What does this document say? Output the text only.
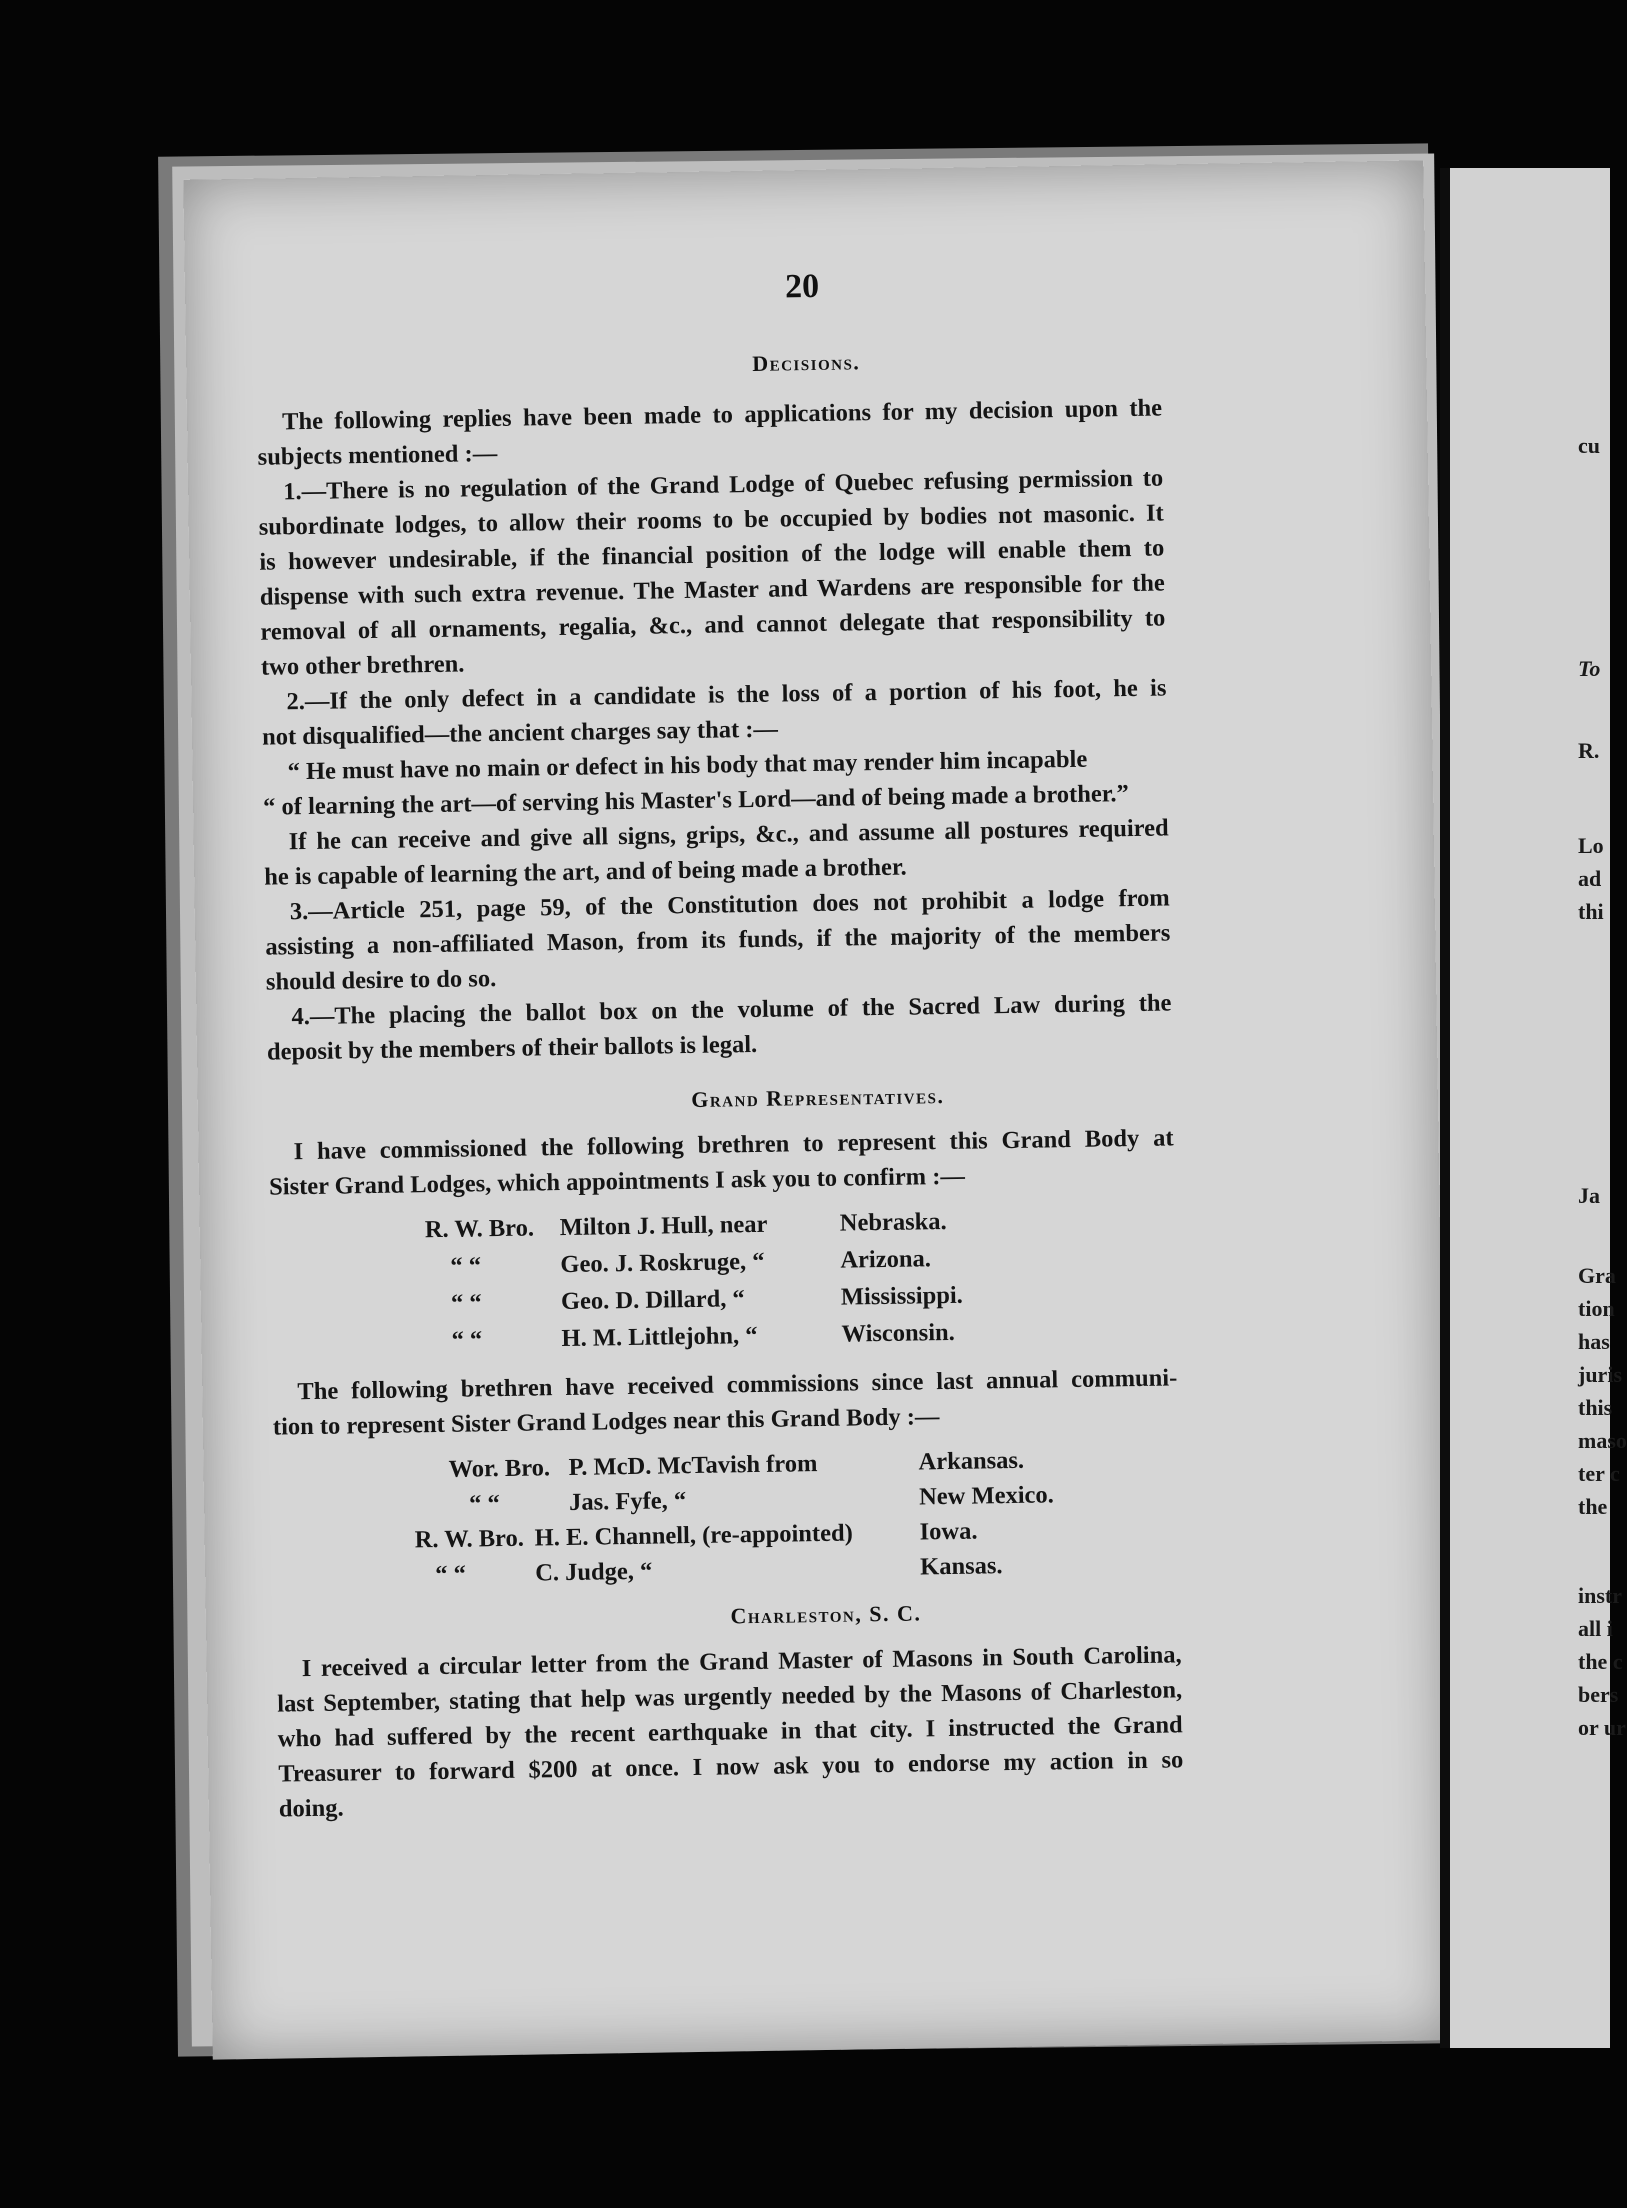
20
Decisions.
The following replies have been made to applications for my decision upon the
subjects mentioned :—
1.—There is no regulation of the Grand Lodge of Quebec refusing permission to
subordinate lodges, to allow their rooms to be occupied by bodies not masonic. It
is however undesirable, if the financial position of the lodge will enable them to
dispense with such extra revenue. The Master and Wardens are responsible for the
removal of all ornaments, regalia, &c., and cannot delegate that responsibility to
two other brethren.
2.—If the only defect in a candidate is the loss of a portion of his foot, he is
not disqualified—the ancient charges say that :—
“ He must have no main or defect in his body that may render him incapable
“ of learning the art—of serving his Master's Lord—and of being made a brother.”
If he can receive and give all signs, grips, &c., and assume all postures required
he is capable of learning the art, and of being made a brother.
3.—Article 251, page 59, of the Constitution does not prohibit a lodge from
assisting a non-affiliated Mason, from its funds, if the majority of the members
should desire to do so.
4.—The placing the ballot box on the volume of the Sacred Law during the
deposit by the members of their ballots is legal.
Grand Representatives.
I have commissioned the following brethren to represent this Grand Body at
Sister Grand Lodges, which appointments I ask you to confirm :—
R. W. Bro. Milton J. Hull, near	Nebraska.
“ “	Geo. J. Roskruge, “	Arizona.
“ “	Geo. D. Dillard, “	Mississippi.
“ “	H. M. Littlejohn, “	Wisconsin.
The following brethren have received commissions since last annual communi-
tion to represent Sister Grand Lodges near this Grand Body :—
Wor. Bro. P. McD. McTavish from	Arkansas.
“ “	Jas. Fyfe, “	New Mexico.
R. W. Bro. H. E. Channell, (re-appointed)	Iowa.
“ “	C. Judge, “	Kansas.
Charleston, S. C.
I received a circular letter from the Grand Master of Masons in South Carolina,
last September, stating that help was urgently needed by the Masons of Charleston,
who had suffered by the recent earthquake in that city. I instructed the Grand
Treasurer to forward $200 at once. I now ask you to endorse my action in so
doing.
cu
To
R.
Lo
ad
thi
Ja
Gra
tion
has
juris
this
maso
ter c
the
instr
all i
the c
bers
or ur
